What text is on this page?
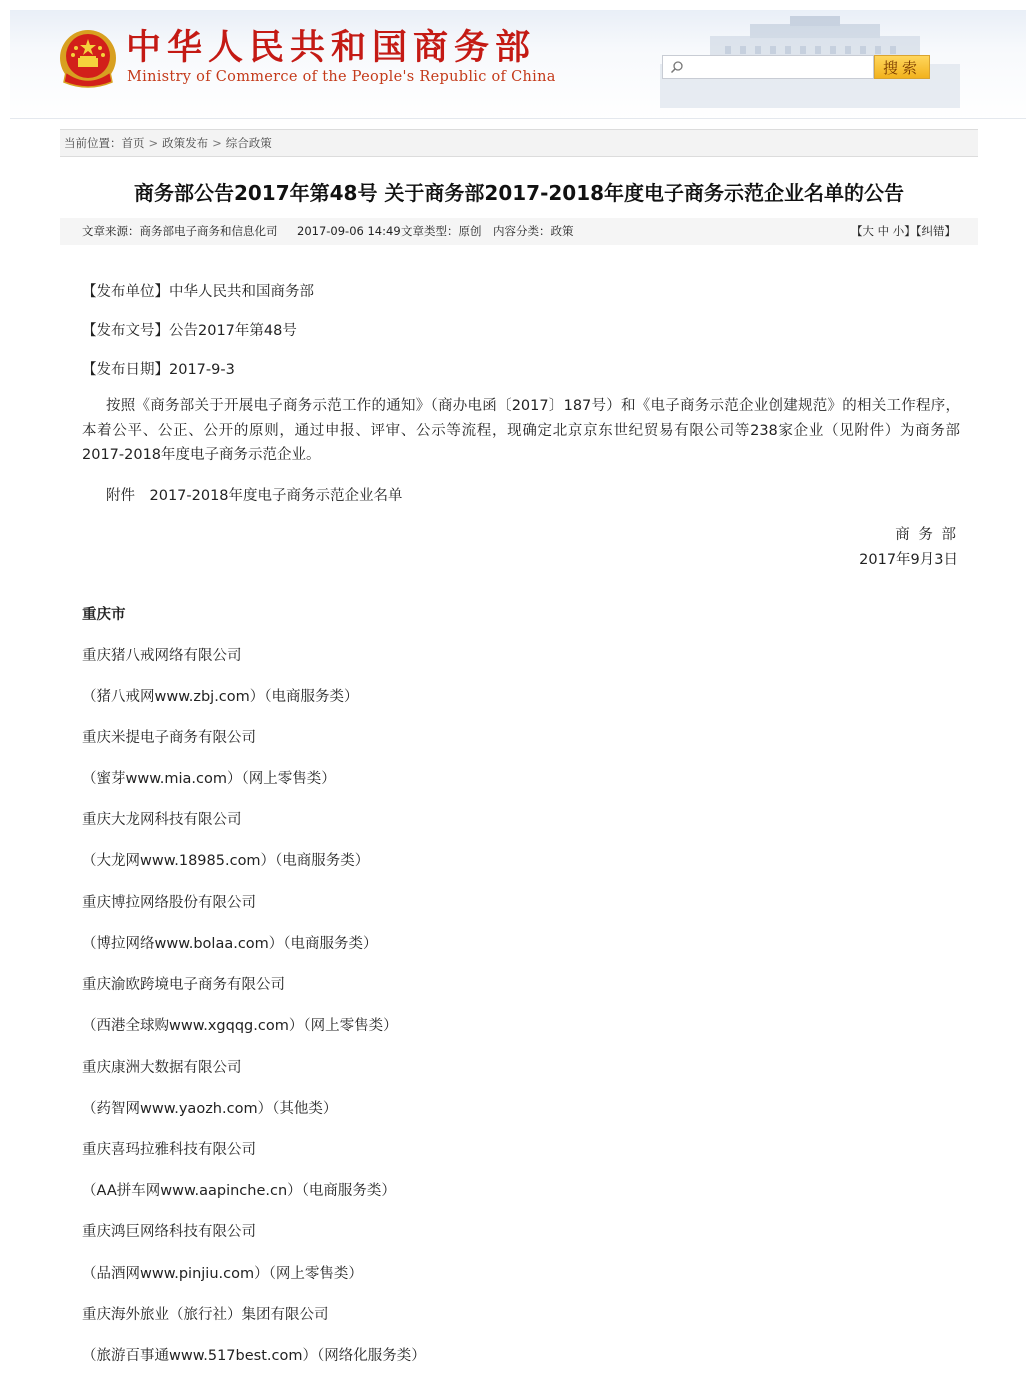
中华人民共和国商务部
Ministry of Commerce of the People's Republic of China
搜索
当前位置：首页 > 政策发布 > 综合政策
商务部公告2017年第48号 关于商务部2017-2018年度电子商务示范企业名单的公告
文章来源：商务部电子商务和信息化司 2017-09-06 14:49 文章类型：原创 内容分类：政策	【大 中 小】【纠错】
【发布单位】中华人民共和国商务部
【发布文号】公告2017年第48号
【发布日期】2017-9-3
按照《商务部关于开展电子商务示范工作的通知》（商办电函〔2017〕187号）和《电子商务示范企业创建规范》的相关工作程序，本着公平、公正、公开的原则，通过申报、评审、公示等流程，现确定北京京东世纪贸易有限公司等238家企业（见附件）为商务部2017-2018年度电子商务示范企业。
附件　2017-2018年度电子商务示范企业名单
商 务 部
2017年9月3日
重庆市
重庆猪八戒网络有限公司
（猪八戒网www.zbj.com）（电商服务类）
重庆米提电子商务有限公司
（蜜芽www.mia.com）（网上零售类）
重庆大龙网科技有限公司
（大龙网www.18985.com）（电商服务类）
重庆博拉网络股份有限公司
（博拉网络www.bolaa.com）（电商服务类）
重庆渝欧跨境电子商务有限公司
（西港全球购www.xgqqg.com）（网上零售类）
重庆康洲大数据有限公司
（药智网www.yaozh.com）（其他类）
重庆喜玛拉雅科技有限公司
（AA拼车网www.aapinche.cn）（电商服务类）
重庆鸿巨网络科技有限公司
（品酒网www.pinjiu.com）（网上零售类）
重庆海外旅业（旅行社）集团有限公司
（旅游百事通www.517best.com）（网络化服务类）
